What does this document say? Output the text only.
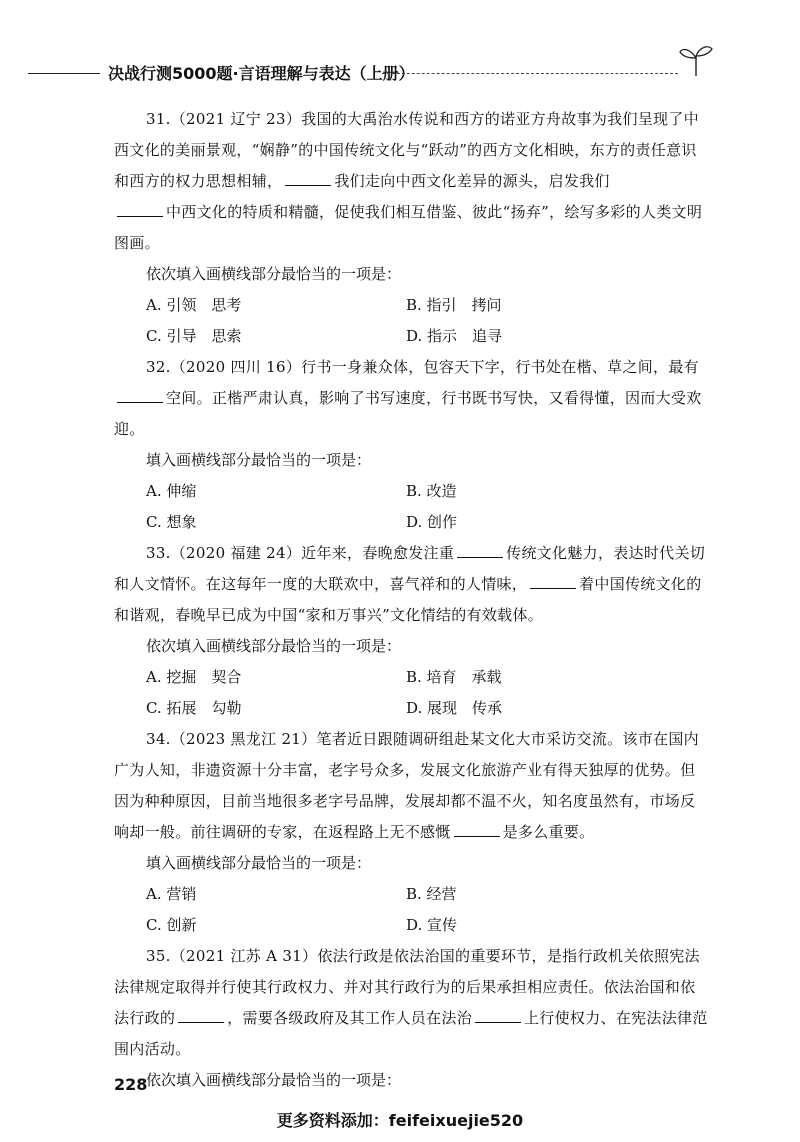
决战行测5000题·言语理解与表达（上册）

31.（2021 辽宁 23）我国的大禹治水传说和西方的诺亚方舟故事为我们呈现了中西文化的美丽景观，“娴静”的中国传统文化与“跃动”的西方文化相映，东方的责任意识和西方的权力思想相辅，	我们走向中西文化差异的源头，启发我们
中西文化的特质和精髓，促使我们相互借鉴、彼此“扬弃”，绘写多彩的人类文明图画。

依次填入画横线部分最恰当的一项是：

A. 引领　思考	B. 指引　拷问
C. 引导　思索	D. 指示　追寻

32.（2020 四川 16）行书一身兼众体，包容天下字，行书处在楷、草之间，最有
空间。正楷严肃认真，影响了书写速度，行书既书写快，又看得懂，因而大受欢迎。

填入画横线部分最恰当的一项是：

A. 伸缩	B. 改造
C. 想象	D. 创作

33.（2020 福建 24）近年来，春晚愈发注重	传统文化魅力，表达时代关切和人文情怀。在这每年一度的大联欢中，喜气祥和的人情味，	着中国传统文化的和谐观，春晚早已成为中国“家和万事兴”文化情结的有效载体。

依次填入画横线部分最恰当的一项是：

A. 挖掘　契合	B. 培育　承载
C. 拓展　勾勒	D. 展现　传承

34.（2023 黑龙江 21）笔者近日跟随调研组赴某文化大市采访交流。该市在国内广为人知，非遗资源十分丰富，老字号众多，发展文化旅游产业有得天独厚的优势。但因为种种原因，目前当地很多老字号品牌，发展却都不温不火，知名度虽然有，市场反响却一般。前往调研的专家，在返程路上无不感慨	是多么重要。

填入画横线部分最恰当的一项是：

A. 营销	B. 经营
C. 创新	D. 宣传

35.（2021 江苏 A 31）依法行政是依法治国的重要环节，是指行政机关依照宪法法律规定取得并行使其行政权力、并对其行政行为的后果承担相应责任。依法治国和依法行政的	，需要各级政府及其工作人员在法治	上行使权力、在宪法法律范围内活动。

依次填入画横线部分最恰当的一项是：

228
更多资料添加：feifeixuejie520
